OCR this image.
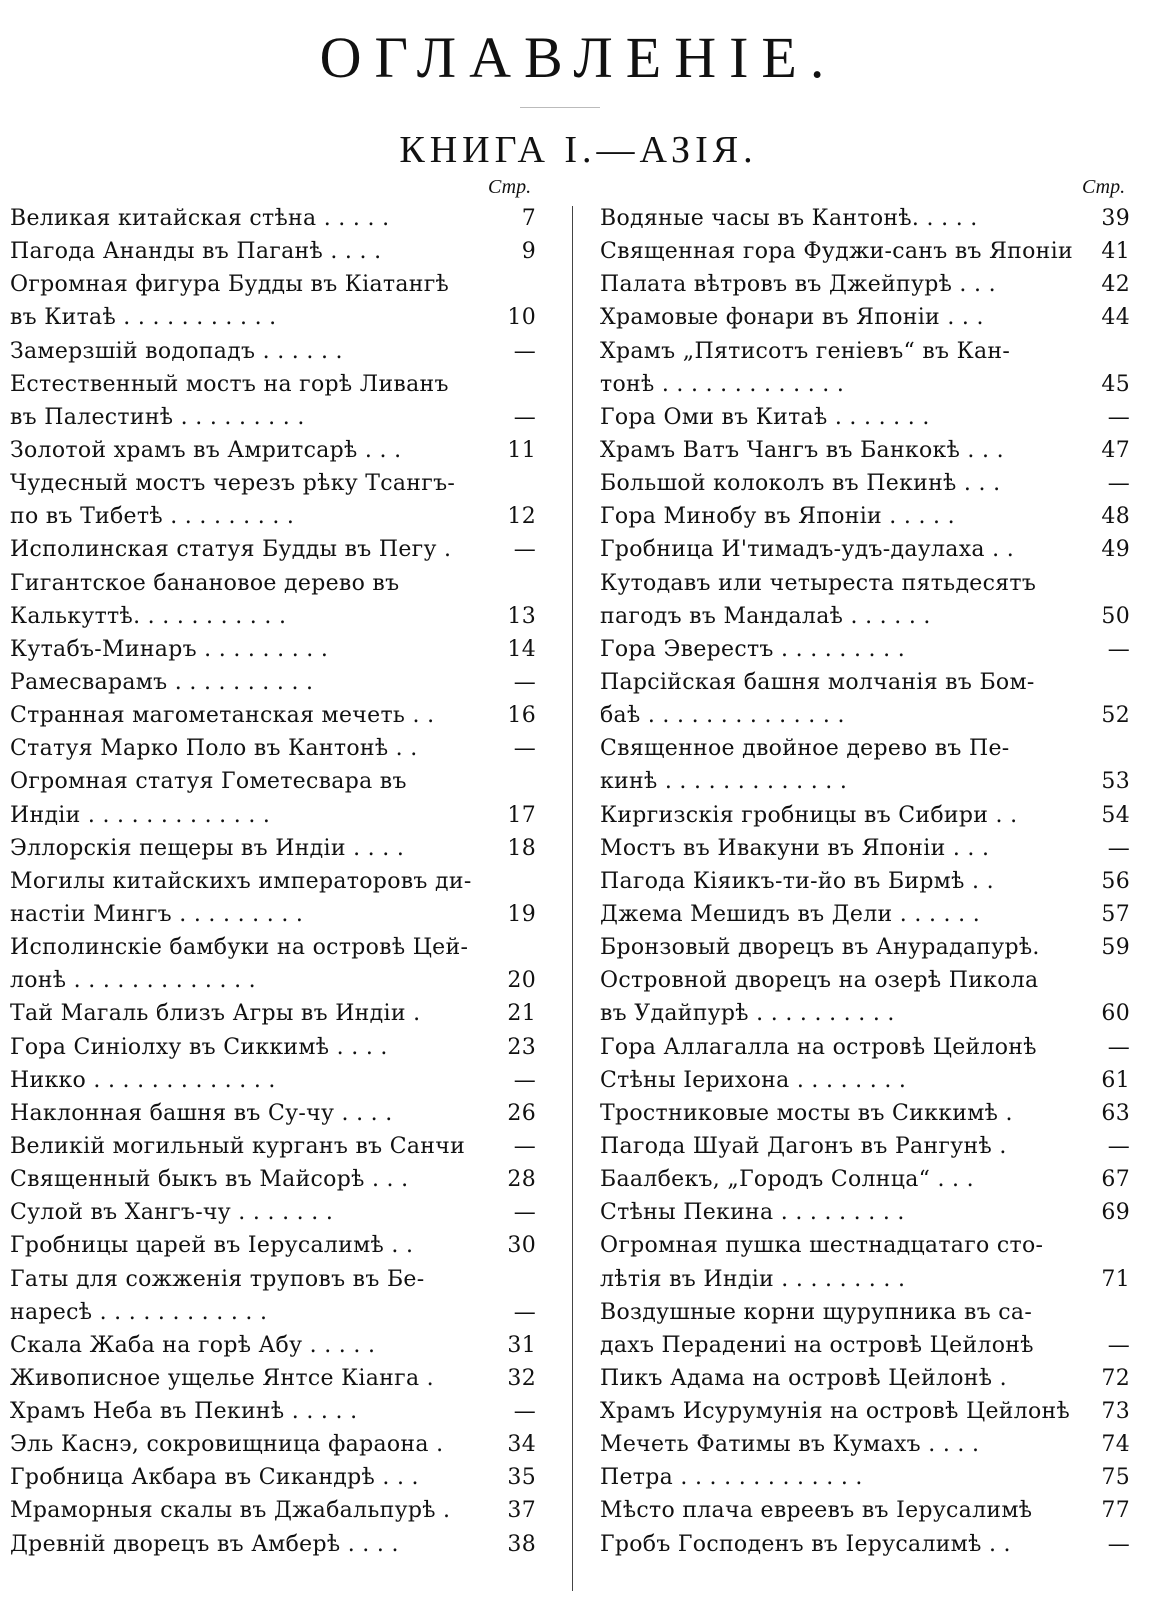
ОГЛАВЛЕНІЕ.
КНИГА I.—АЗІЯ.
Стр.	Стр.
Великая китайская стѣна . . . . .	7
Пагода Ананды въ Паганѣ . . . .	9
Огромная фигура Будды въ Кіатангѣ
въ Китаѣ . . . . . . . . . . .	10
Замерзшій водопадъ . . . . . .	—
Естественный мостъ на горѣ Ливанъ
въ Палестинѣ . . . . . . . . .	—
Золотой храмъ въ Амритсарѣ . . .	11
Чудесный мостъ черезъ рѣку Тсангъ-
по въ Тибетѣ . . . . . . . . .	12
Исполинская статуя Будды въ Пегу .	—
Гигантское банановое дерево въ
Калькуттѣ. . . . . . . . . . .	13
Кутабъ-Минаръ . . . . . . . . .	14
Рамесварамъ . . . . . . . . . .	—
Странная магометанская мечеть . .	16
Статуя Марко Поло въ Кантонѣ . .	—
Огромная статуя Гометесвара въ
Индіи . . . . . . . . . . . . .	17
Эллорскія пещеры въ Индіи . . . .	18
Могилы китайскихъ императоровъ ди-
настіи Мингъ . . . . . . . . .	19
Исполинскіе бамбуки на островѣ Цей-
лонѣ . . . . . . . . . . . . .	20
Тай Магаль близъ Агры въ Индіи .	21
Гора Синіолху въ Сиккимѣ . . . .	23
Никко . . . . . . . . . . . . .	—
Наклонная башня въ Су-чу . . . .	26
Великій могильный курганъ въ Санчи	—
Священный быкъ въ Майсорѣ . . .	28
Сулой въ Хангъ-чу . . . . . . .	—
Гробницы царей въ Іерусалимѣ . .	30
Гаты для сожженія труповъ въ Бе-
наресѣ . . . . . . . . . . . .	—
Скала Жаба на горѣ Абу . . . . .	31
Живописное ущелье Янтсе Кіанга .	32
Храмъ Неба въ Пекинѣ . . . . .	—
Эль Каснэ, сокровищница фараона .	34
Гробница Акбара въ Сикандрѣ . . .	35
Мраморныя скалы въ Джабальпурѣ .	37
Древній дворецъ въ Амберѣ . . . .	38
Водяные часы въ Кантонѣ. . . . .	39
Священная гора Фуджи-санъ въ Японіи	41
Палата вѣтровъ въ Джейпурѣ . . .	42
Храмовые фонари въ Японіи . . .	44
Храмъ „Пятисотъ геніевъ“ въ Кан-
тонѣ . . . . . . . . . . . . .	45
Гора Оми въ Китаѣ . . . . . . .	—
Храмъ Ватъ Чангъ въ Банкокѣ . . .	47
Большой колоколъ въ Пекинѣ . . .	—
Гора Минобу въ Японіи . . . . .	48
Гробница И'тимадъ-удъ-даулаха . .	49
Кутодавъ или четыреста пятьдесятъ
пагодъ въ Мандалаѣ . . . . . .	50
Гора Эверестъ . . . . . . . . .	—
Парсійская башня молчанія въ Бом-
баѣ . . . . . . . . . . . . . .	52
Священное двойное дерево въ Пе-
кинѣ . . . . . . . . . . . . .	53
Киргизскія гробницы въ Сибири . .	54
Мостъ въ Ивакуни въ Японіи . . .	—
Пагода Кіяикъ-ти-йо въ Бирмѣ . .	56
Джема Мешидъ въ Дели . . . . . .	57
Бронзовый дворецъ въ Анурадапурѣ.	59
Островной дворецъ на озерѣ Пикола
въ Удайпурѣ . . . . . . . . . .	60
Гора Аллагалла на островѣ Цейлонѣ	—
Стѣны Іерихона . . . . . . . .	61
Тростниковые мосты въ Сиккимѣ .	63
Пагода Шуай Дагонъ въ Рангунѣ .	—
Баалбекъ, „Городъ Солнца“ . . .	67
Стѣны Пекина . . . . . . . . .	69
Огромная пушка шестнадцатаго сто-
лѣтія въ Индіи . . . . . . . . .	71
Воздушные корни щурупника въ са-
дахъ Перадениі на островѣ Цейлонѣ	—
Пикъ Адама на островѣ Цейлонѣ .	72
Храмъ Исурумунія на островѣ Цейлонѣ	73
Мечеть Фатимы въ Кумахъ . . . .	74
Петра . . . . . . . . . . . . .	75
Мѣсто плача евреевъ въ Іерусалимѣ	77
Гробъ Господенъ въ Іерусалимѣ . .	—
